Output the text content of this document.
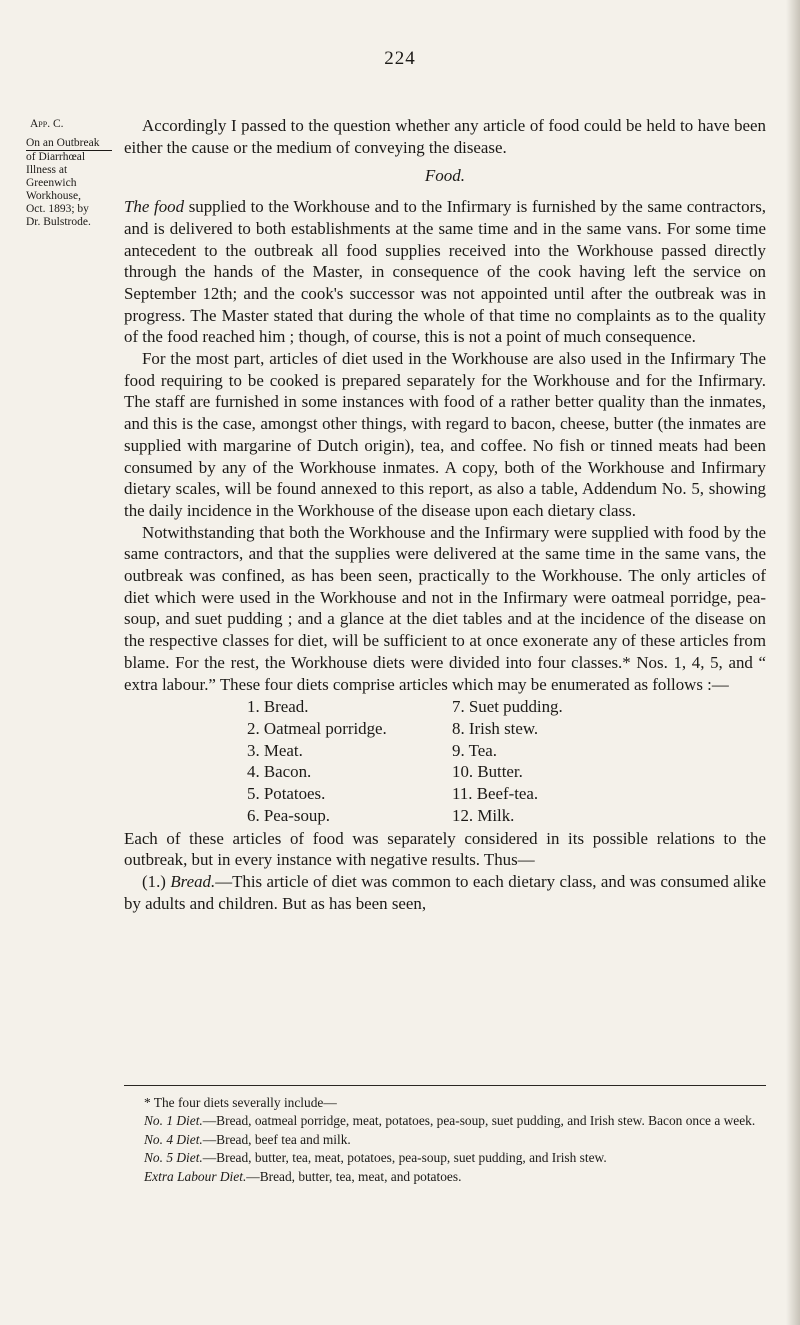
224
App. C.
On an Outbreak
of Diarrhœal
Illness at
Greenwich
Workhouse,
Oct. 1893; by
Dr. Bulstrode.

Accordingly I passed to the question whether any article of food could be held to have been either the cause or the medium of conveying the disease.

Food.

The food supplied to the Workhouse and to the Infirmary is furnished by the same contractors, and is delivered to both establishments at the same time and in the same vans. For some time antecedent to the outbreak all food supplies received into the Workhouse passed directly through the hands of the Master, in consequence of the cook having left the service on September 12th; and the cook's successor was not appointed until after the outbreak was in progress. The Master stated that during the whole of that time no complaints as to the quality of the food reached him ; though, of course, this is not a point of much consequence.

For the most part, articles of diet used in the Workhouse are also used in the Infirmary The food requiring to be cooked is prepared separately for the Workhouse and for the Infirmary. The staff are furnished in some instances with food of a rather better quality than the inmates, and this is the case, amongst other things, with regard to bacon, cheese, butter (the inmates are supplied with margarine of Dutch origin), tea, and coffee. No fish or tinned meats had been consumed by any of the Workhouse inmates. A copy, both of the Workhouse and Infirmary dietary scales, will be found annexed to this report, as also a table, Addendum No. 5, showing the daily incidence in the Workhouse of the disease upon each dietary class.

Notwithstanding that both the Workhouse and the Infirmary were supplied with food by the same contractors, and that the supplies were delivered at the same time in the same vans, the outbreak was confined, as has been seen, practically to the Workhouse. The only articles of diet which were used in the Workhouse and not in the Infirmary were oatmeal porridge, pea-soup, and suet pudding ; and a glance at the diet tables and at the incidence of the disease on the respective classes for diet, will be sufficient to at once exonerate any of these articles from blame. For the rest, the Workhouse diets were divided into four classes.* Nos. 1, 4, 5, and “ extra labour.” These four diets comprise articles which may be enumerated as follows :—

1. Bread.
2. Oatmeal porridge.
3. Meat.
4. Bacon.
5. Potatoes.
6. Pea-soup.
7. Suet pudding.
8. Irish stew.
9. Tea.
10. Butter.
11. Beef-tea.
12. Milk.

Each of these articles of food was separately considered in its possible relations to the outbreak, but in every instance with negative results. Thus—

(1.) Bread.—This article of diet was common to each dietary class, and was consumed alike by adults and children. But as has been seen,

* The four diets severally include—

No. 1 Diet.—Bread, oatmeal porridge, meat, potatoes, pea-soup, suet pudding, and Irish stew. Bacon once a week.

No. 4 Diet.—Bread, beef tea and milk.

No. 5 Diet.—Bread, butter, tea, meat, potatoes, pea-soup, suet pudding, and Irish stew.

Extra Labour Diet.—Bread, butter, tea, meat, and potatoes.
